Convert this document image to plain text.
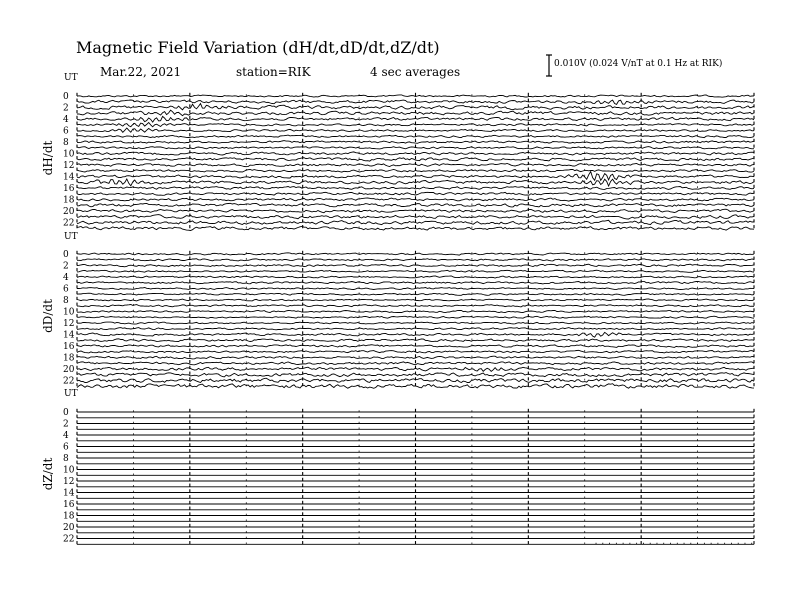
Magnetic Field Variation (dH/dt,dD/dt,dZ/dt)
Mar.22, 2021	station=RIK	4 sec averages
0.010V (0.024 V/nT at 0.1 Hz at RIK)
UT
dH/dt
0
2
4
6
8
10
12
14
16
18
20
22
UT
dD/dt
0
2
4
6
8
10
12
14
16
18
20
22
UT
dZ/dt
0
2
4
6
8
10
12
14
16
18
20
22
